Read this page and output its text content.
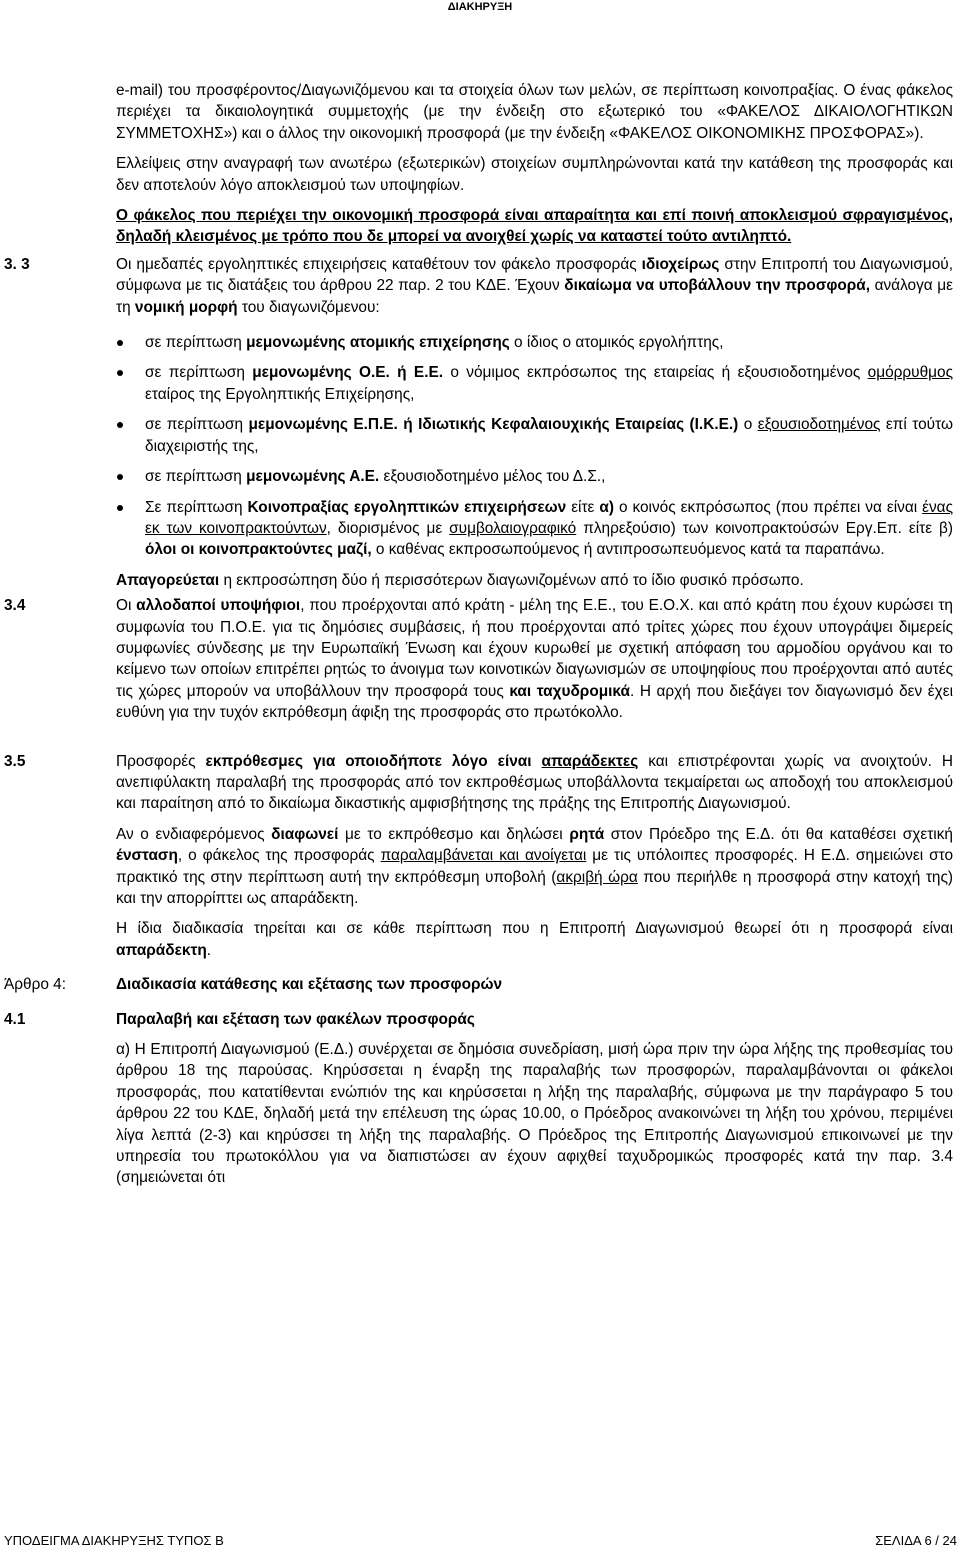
ΔΙΑΚΗΡΥΞΗ

e-mail) του προσφέροντος/Διαγωνιζόμενου και τα στοιχεία όλων των μελών, σε περίπτωση κοινοπραξίας. Ο ένας φάκελος περιέχει τα δικαιολογητικά συμμετοχής (με την ένδειξη στο εξωτερικό του «ΦΑΚΕΛΟΣ ΔΙΚΑΙΟΛΟΓΗΤΙΚΩΝ ΣΥΜΜΕΤΟΧΗΣ») και ο άλλος την οικονομική προσφορά (με την ένδειξη «ΦΑΚΕΛΟΣ ΟΙΚΟΝΟΜΙΚΗΣ ΠΡΟΣΦΟΡΑΣ»).

Ελλείψεις στην αναγραφή των ανωτέρω (εξωτερικών) στοιχείων συμπληρώνονται κατά την κατάθεση της προσφοράς και δεν αποτελούν λόγο αποκλεισμού των υποψηφίων.

Ο φάκελος που περιέχει την οικονομική προσφορά είναι απαραίτητα και επί ποινή αποκλεισμού σφραγισμένος, δηλαδή κλεισμένος με τρόπο που δε μπορεί να ανοιχθεί χωρίς να καταστεί τούτο αντιληπτό.

3. 3	Οι ημεδαπές εργοληπτικές επιχειρήσεις καταθέτουν τον φάκελο προσφοράς ιδιοχείρως στην Επιτροπή του Διαγωνισμού, σύμφωνα με τις διατάξεις του άρθρου 22 παρ. 2 του ΚΔΕ. Έχουν δικαίωμα να υποβάλλουν την προσφορά, ανάλογα με τη νομική μορφή του διαγωνιζόμενου:

σε περίπτωση μεμονωμένης ατομικής επιχείρησης ο ίδιος ο ατομικός εργολήπτης,
σε περίπτωση μεμονωμένης Ο.Ε. ή Ε.Ε. ο νόμιμος εκπρόσωπος της εταιρείας ή εξουσιοδοτημένος ομόρρυθμος εταίρος της Εργοληπτικής Επιχείρησης,
σε περίπτωση μεμονωμένης Ε.Π.Ε. ή Ιδιωτικής Κεφαλαιουχικής Εταιρείας (Ι.Κ.Ε.) ο εξουσιοδοτημένος επί τούτω διαχειριστής της,
σε περίπτωση μεμονωμένης Α.Ε. εξουσιοδοτημένο μέλος του Δ.Σ.,
Σε περίπτωση Κοινοπραξίας εργοληπτικών επιχειρήσεων είτε α) ο κοινός εκπρόσωπος (που πρέπει να είναι ένας εκ των κοινοπρακτούντων, διορισμένος με συμβολαιογραφικό πληρεξούσιο) των κοινοπρακτούσών Εργ.Επ. είτε β) όλοι οι κοινοπρακτούντες μαζί, ο καθένας εκπροσωπούμενος ή αντιπροσωπευόμενος κατά τα παραπάνω.

Απαγορεύεται η εκπροσώπηση δύο ή περισσότερων διαγωνιζομένων από το ίδιο φυσικό πρόσωπο.

3.4	Οι αλλοδαποί υποψήφιοι, που προέρχονται από κράτη - μέλη της Ε.Ε., του Ε.Ο.Χ. και από κράτη που έχουν κυρώσει τη συμφωνία του Π.Ο.Ε. για τις δημόσιες συμβάσεις, ή που προέρχονται από τρίτες χώρες που έχουν υπογράψει διμερείς συμφωνίες σύνδεσης με την Ευρωπαϊκή Ένωση και έχουν κυρωθεί με σχετική απόφαση του αρμοδίου οργάνου και το κείμενο των οποίων επιτρέπει ρητώς το άνοιγμα των κοινοτικών διαγωνισμών σε υποψηφίους που προέρχονται από αυτές τις χώρες μπορούν να υποβάλλουν την προσφορά τους και ταχυδρομικά. Η αρχή που διεξάγει τον διαγωνισμό δεν έχει ευθύνη για την τυχόν εκπρόθεσμη άφιξη της προσφοράς στο πρωτόκολλο.

3.5	Προσφορές εκπρόθεσμες για οποιοδήποτε λόγο είναι απαράδεκτες και επιστρέφονται χωρίς να ανοιχτούν. Η ανεπιφύλακτη παραλαβή της προσφοράς από τον εκπροθέσμως υποβάλλοντα τεκμαίρεται ως αποδοχή του αποκλεισμού και παραίτηση από το δικαίωμα δικαστικής αμφισβήτησης της πράξης της Επιτροπής Διαγωνισμού.

Αν ο ενδιαφερόμενος διαφωνεί με το εκπρόθεσμο και δηλώσει ρητά στον Πρόεδρο της Ε.Δ. ότι θα καταθέσει σχετική ένσταση, ο φάκελος της προσφοράς παραλαμβάνεται και ανοίγεται με τις υπόλοιπες προσφορές. Η Ε.Δ. σημειώνει στο πρακτικό της στην περίπτωση αυτή την εκπρόθεσμη υποβολή (ακριβή ώρα που περιήλθε η προσφορά στην κατοχή της) και την απορρίπτει ως απαράδεκτη.

Η ίδια διαδικασία τηρείται και σε κάθε περίπτωση που η Επιτροπή Διαγωνισμού θεωρεί ότι η προσφορά είναι απαράδεκτη.

Άρθρο 4:	Διαδικασία κατάθεσης και εξέτασης των προσφορών

4.1	Παραλαβή και εξέταση των φακέλων προσφοράς

α) Η Επιτροπή Διαγωνισμού (Ε.Δ.) συνέρχεται σε δημόσια συνεδρίαση, μισή ώρα πριν την ώρα λήξης της προθεσμίας του άρθρου 18 της παρούσας. Κηρύσσεται η έναρξη της παραλαβής των προσφορών, παραλαμβάνονται οι φάκελοι προσφοράς, που κατατίθενται ενώπιόν της και κηρύσσεται η λήξη της παραλαβής, σύμφωνα με την παράγραφο 5 του άρθρου 22 του ΚΔΕ, δηλαδή μετά την επέλευση της ώρας 10.00, ο Πρόεδρος ανακοινώνει τη λήξη του χρόνου, περιμένει λίγα λεπτά (2-3) και κηρύσσει τη λήξη της παραλαβής. Ο Πρόεδρος της Επιτροπής Διαγωνισμού επικοινωνεί με την υπηρεσία του πρωτοκόλλου για να διαπιστώσει αν έχουν αφιχθεί ταχυδρομικώς προσφορές κατά την παρ. 3.4 (σημειώνεται ότι

ΥΠΟΔΕΙΓΜΑ ΔΙΑΚΗΡΥΞΗΣ ΤΥΠΟΣ Β	ΣΕΛΙΔΑ 6 / 24
